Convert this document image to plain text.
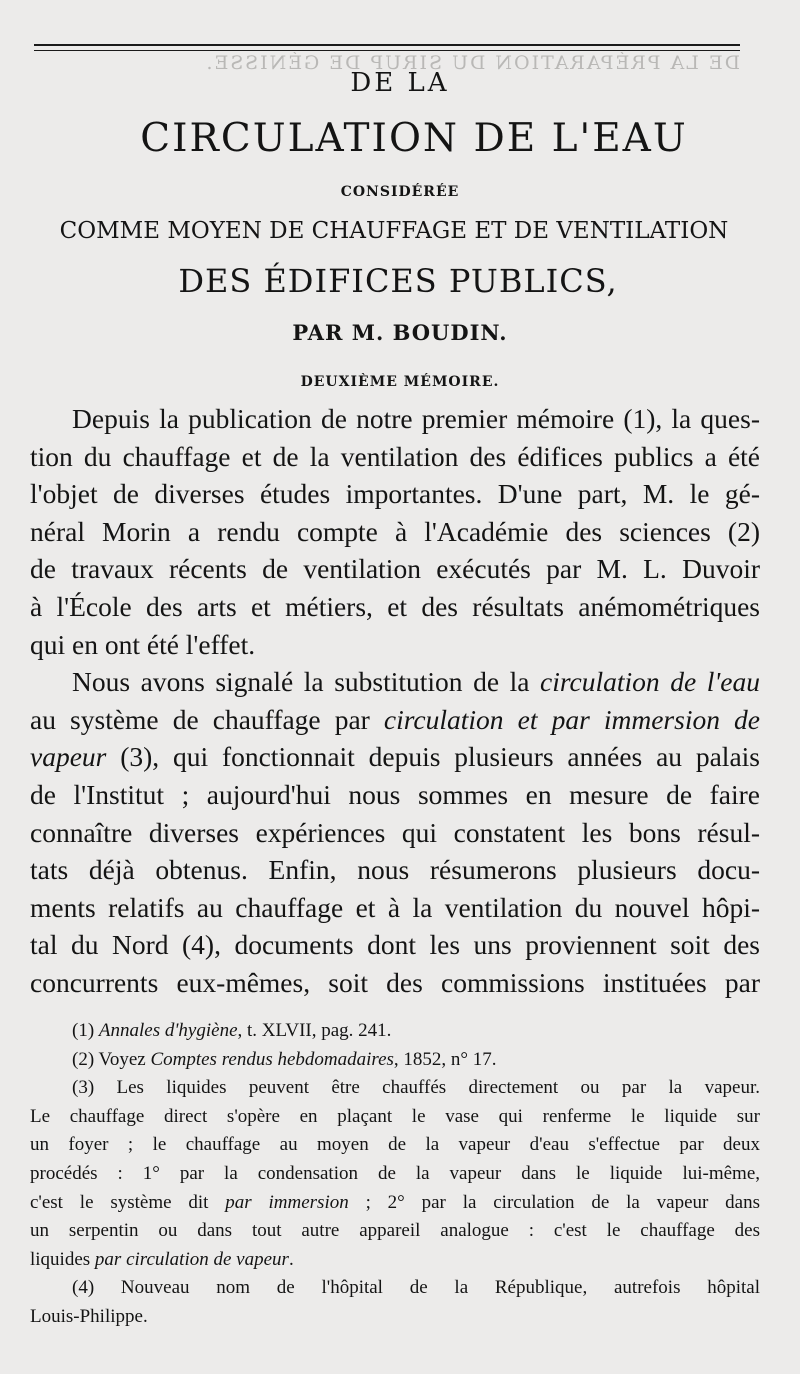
DE LA PRÉPARATION DU SIRUP DE GÉNISSE.
DE LA
CIRCULATION DE L'EAU
CONSIDÉRÉE
COMME MOYEN DE CHAUFFAGE ET DE VENTILATION
DES ÉDIFICES PUBLICS,
PAR M. BOUDIN.
DEUXIÈME MÉMOIRE.
Depuis la publication de notre premier mémoire (1), la ques-
tion du chauffage et de la ventilation des édifices publics a été
l'objet de diverses études importantes. D'une part, M. le gé-
néral Morin a rendu compte à l'Académie des sciences (2)
de travaux récents de ventilation exécutés par M. L. Duvoir
à l'École des arts et métiers, et des résultats anémométriques
qui en ont été l'effet.
Nous avons signalé la substitution de la circulation de l'eau
au système de chauffage par circulation et par immersion de
vapeur (3), qui fonctionnait depuis plusieurs années au palais
de l'Institut ; aujourd'hui nous sommes en mesure de faire
connaître diverses expériences qui constatent les bons résul-
tats déjà obtenus. Enfin, nous résumerons plusieurs docu-
ments relatifs au chauffage et à la ventilation du nouvel hôpi-
tal du Nord (4), documents dont les uns proviennent soit des
concurrents eux-mêmes, soit des commissions instituées par
(1) Annales d'hygiène, t. XLVII, pag. 241.
(2) Voyez Comptes rendus hebdomadaires, 1852, n° 17.
(3) Les liquides peuvent être chauffés directement ou par la vapeur.
Le chauffage direct s'opère en plaçant le vase qui renferme le liquide sur
un foyer ; le chauffage au moyen de la vapeur d'eau s'effectue par deux
procédés : 1° par la condensation de la vapeur dans le liquide lui-même,
c'est le système dit par immersion ; 2° par la circulation de la vapeur dans
un serpentin ou dans tout autre appareil analogue : c'est le chauffage des
liquides par circulation de vapeur.
(4) Nouveau nom de l'hôpital de la République, autrefois hôpital
Louis-Philippe.
